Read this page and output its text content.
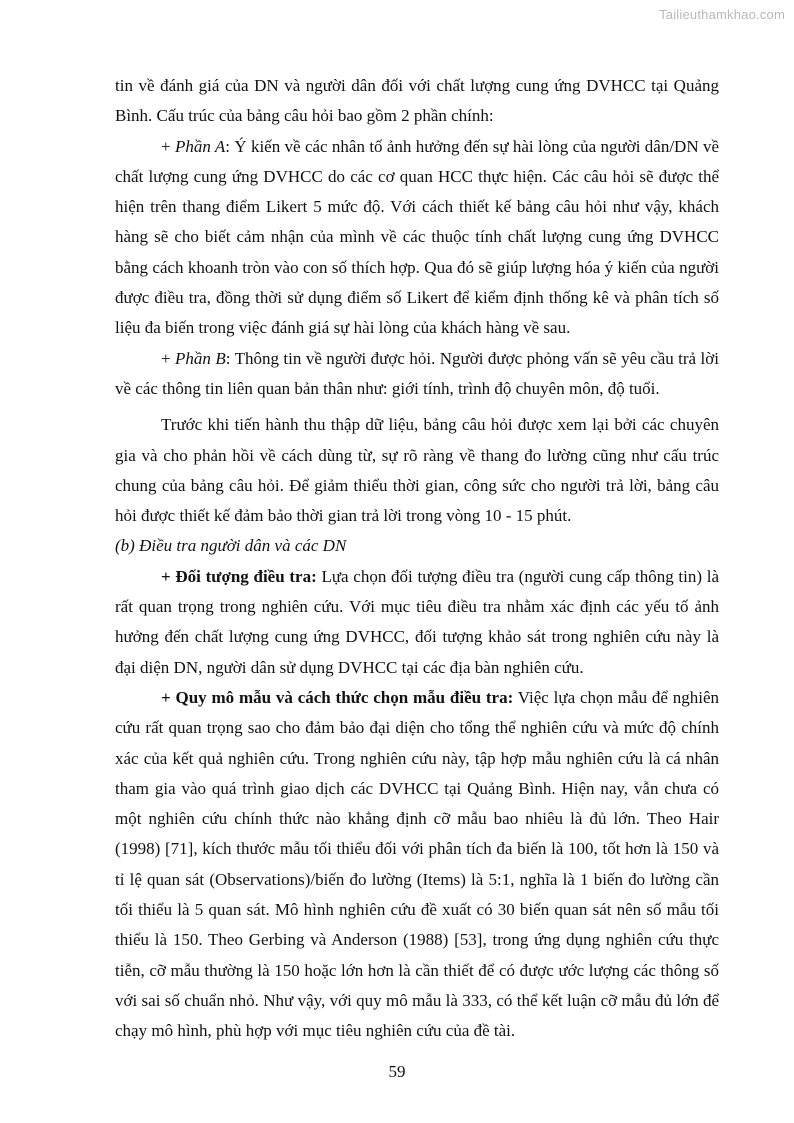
Tailieuthamkhao.com

tin về đánh giá của DN và người dân đối với chất lượng cung ứng DVHCC tại Quảng Bình. Cấu trúc của bảng câu hỏi bao gồm 2 phần chính:

+ Phần A: Ý kiến về các nhân tố ảnh hưởng đến sự hài lòng của người dân/DN về chất lượng cung ứng DVHCC do các cơ quan HCC thực hiện. Các câu hỏi sẽ được thể hiện trên thang điểm Likert 5 mức độ. Với cách thiết kế bảng câu hỏi như vậy, khách hàng sẽ cho biết cảm nhận của mình về các thuộc tính chất lượng cung ứng DVHCC bằng cách khoanh tròn vào con số thích hợp. Qua đó sẽ giúp lượng hóa ý kiến của người được điều tra, đồng thời sử dụng điểm số Likert để kiểm định thống kê và phân tích số liệu đa biến trong việc đánh giá sự hài lòng của khách hàng về sau.

+ Phần B: Thông tin về người được hỏi. Người được phỏng vấn sẽ yêu cầu trả lời về các thông tin liên quan bản thân như: giới tính, trình độ chuyên môn, độ tuổi.

Trước khi tiến hành thu thập dữ liệu, bảng câu hỏi được xem lại bởi các chuyên gia và cho phản hồi về cách dùng từ, sự rõ ràng về thang đo lường cũng như cấu trúc chung của bảng câu hỏi. Để giảm thiểu thời gian, công sức cho người trả lời, bảng câu hỏi được thiết kế đảm bảo thời gian trả lời trong vòng 10 - 15 phút.

(b) Điều tra người dân và các DN

+ Đối tượng điều tra: Lựa chọn đối tượng điều tra (người cung cấp thông tin) là rất quan trọng trong nghiên cứu. Với mục tiêu điều tra nhằm xác định các yếu tố ảnh hưởng đến chất lượng cung ứng DVHCC, đối tượng khảo sát trong nghiên cứu này là đại diện DN, người dân sử dụng DVHCC tại các địa bàn nghiên cứu.

+ Quy mô mẫu và cách thức chọn mẫu điều tra: Việc lựa chọn mẫu để nghiên cứu rất quan trọng sao cho đảm bảo đại diện cho tổng thể nghiên cứu và mức độ chính xác của kết quả nghiên cứu. Trong nghiên cứu này, tập hợp mẫu nghiên cứu là cá nhân tham gia vào quá trình giao dịch các DVHCC tại Quảng Bình. Hiện nay, vẫn chưa có một nghiên cứu chính thức nào khẳng định cỡ mẫu bao nhiêu là đủ lớn. Theo Hair (1998) [71], kích thước mẫu tối thiểu đối với phân tích đa biến là 100, tốt hơn là 150 và tỉ lệ quan sát (Observations)/biến đo lường (Items) là 5:1, nghĩa là 1 biến đo lường cần tối thiểu là 5 quan sát. Mô hình nghiên cứu đề xuất có 30 biến quan sát nên số mẫu tối thiểu là 150. Theo Gerbing và Anderson (1988) [53], trong ứng dụng nghiên cứu thực tiễn, cỡ mẫu thường là 150 hoặc lớn hơn là cần thiết để có được ước lượng các thông số với sai số chuẩn nhỏ. Như vậy, với quy mô mẫu là 333, có thể kết luận cỡ mẫu đủ lớn để chạy mô hình, phù hợp với mục tiêu nghiên cứu của đề tài.

59
